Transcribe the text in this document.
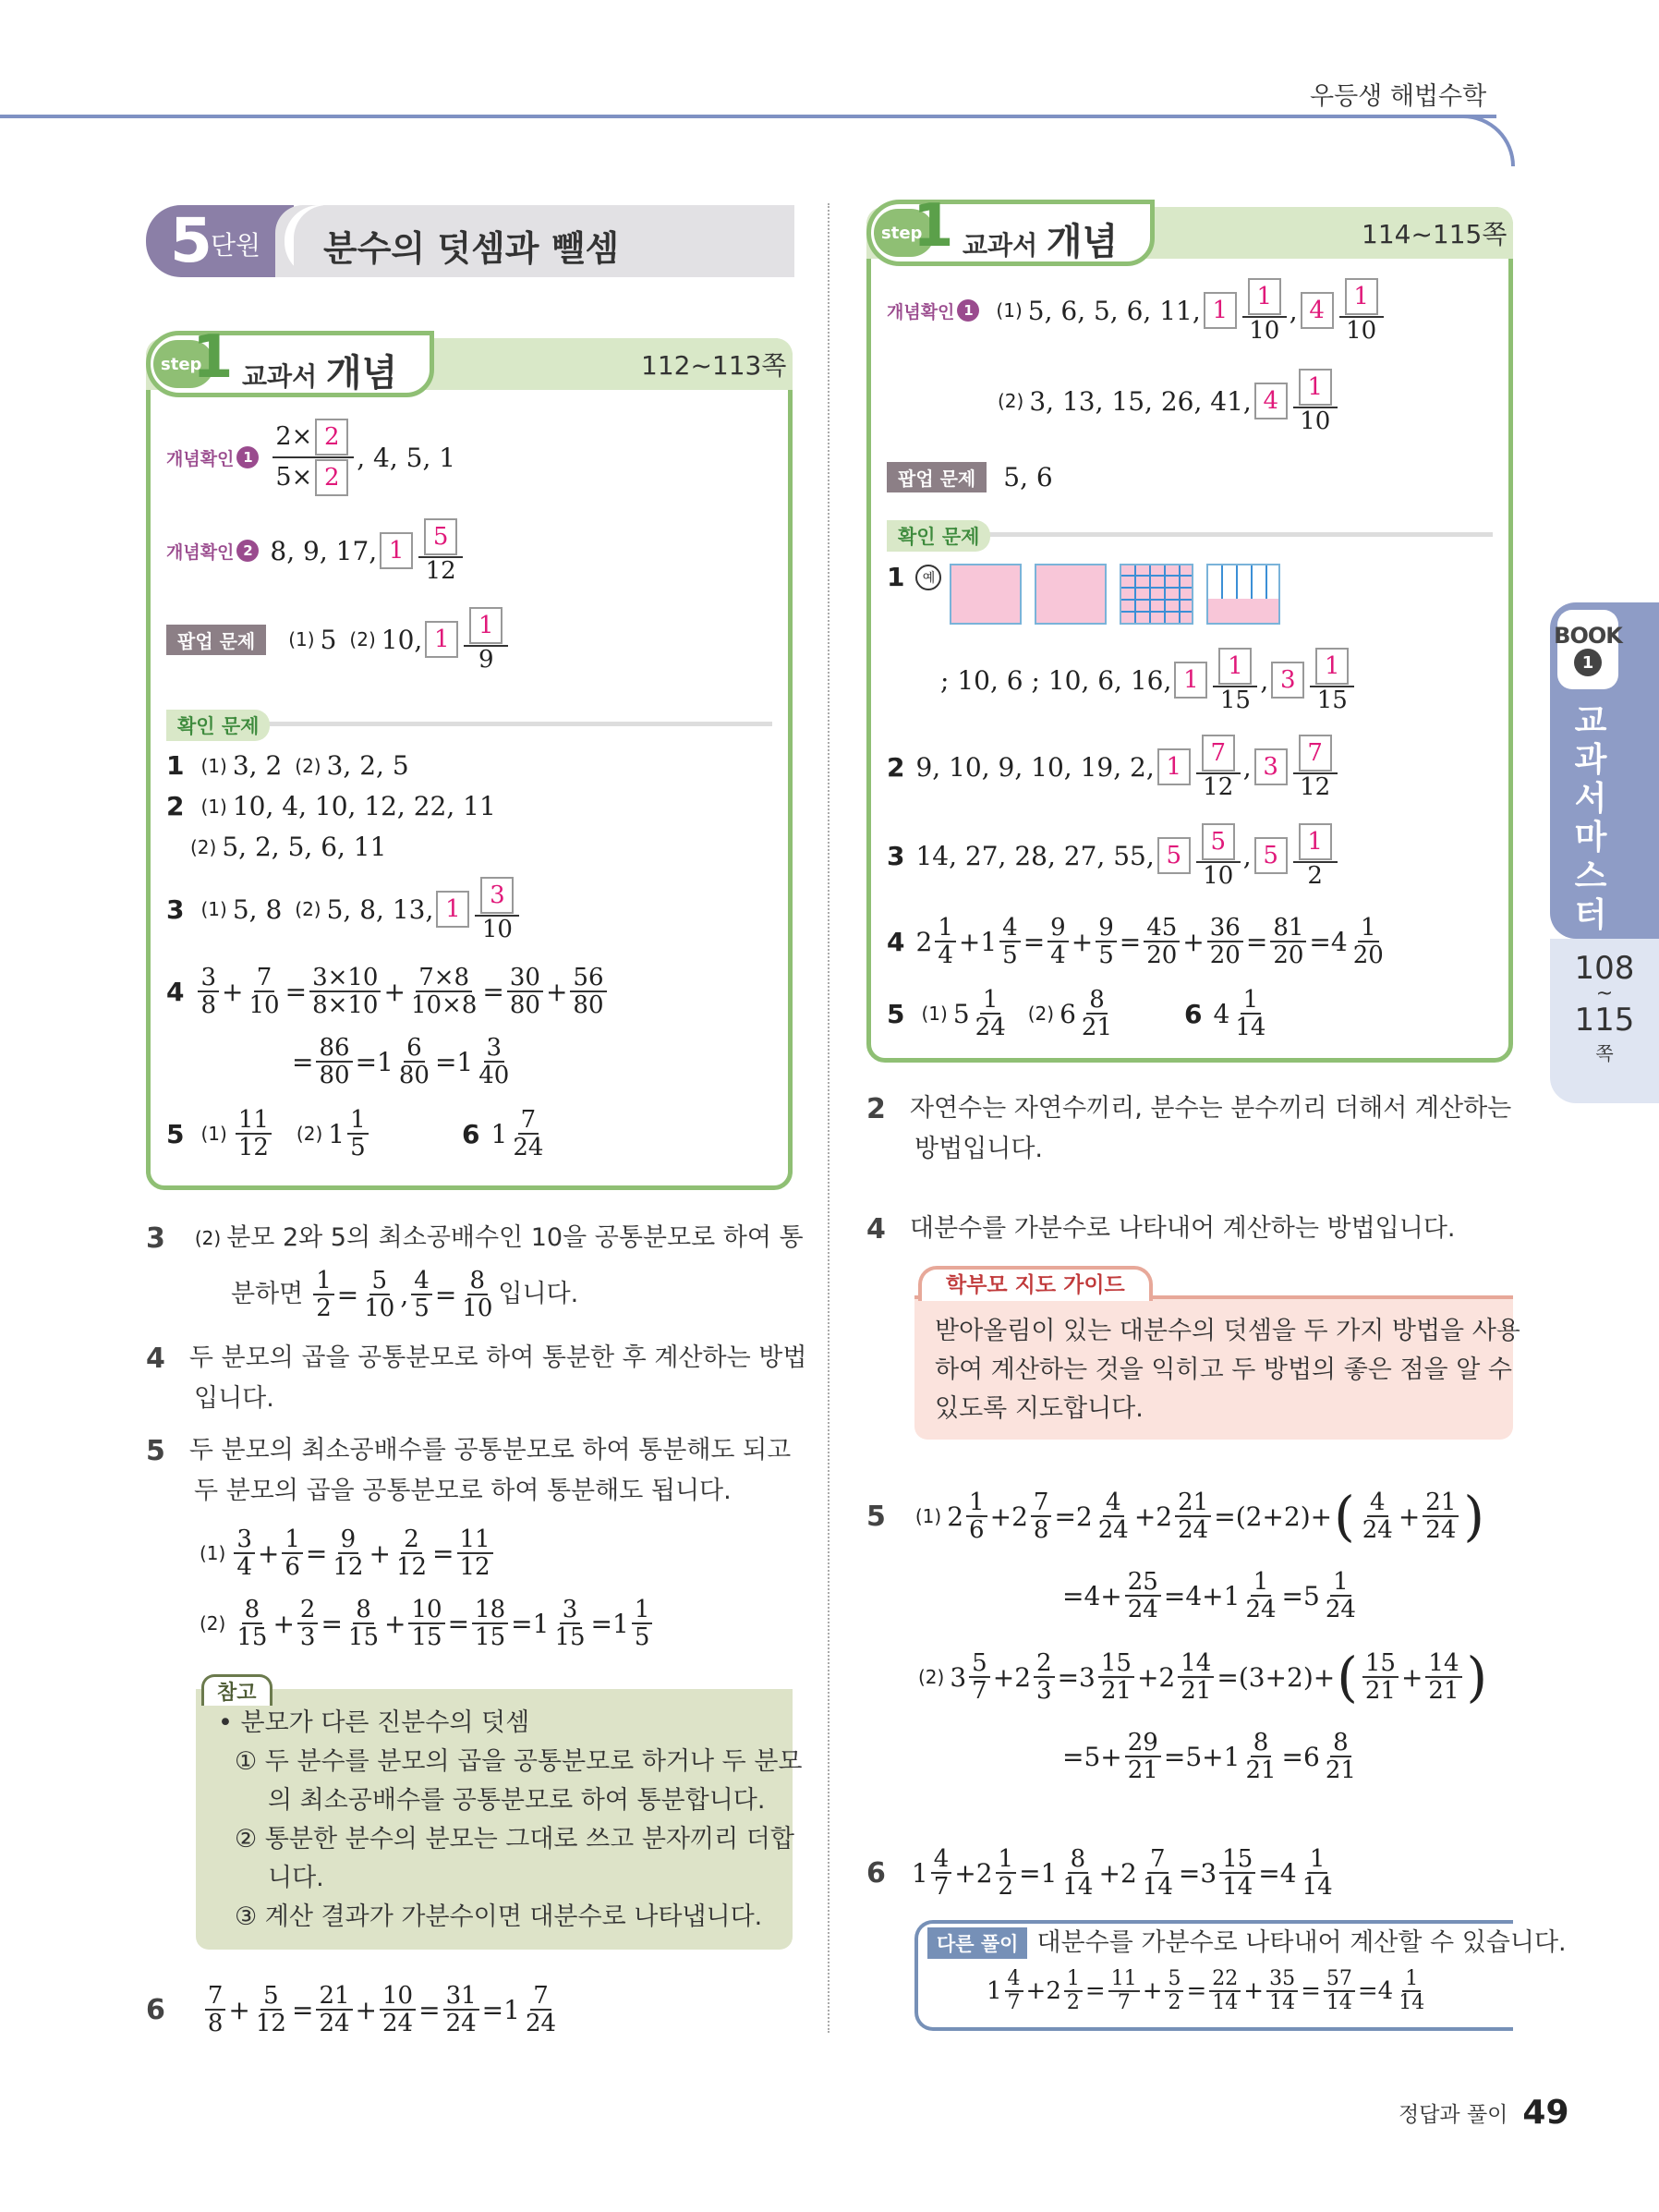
우등생 해법수학
5
단원 분수의 덧셈과 뺄셈
step
1 교과서 개념	112~113쪽
개념확인 $1 \frac{2\times 2}{5\times 2}$ , 4, 5, 1
개념확인 2 8, 9, 17, $1 \frac{5}{12}$
팝업 문제	(1) 5 (2) 10, $1 \frac{1}{9}$
확인 문제
1 (1) 3, 2 (2) 3, 2, 5
2 (1) 10, 4, 10, 12, 22, 11
(2) 5, 2, 5, 6, 11
3 (1) 5, 8 (2) 5, 8, 13, $1 \frac{3}{10}$
$4 \frac{3}{8} + \frac{7}{10} = \frac{3\times 10}{8\times 10} + \frac{7\times 8}{10\times 8} = \frac{30}{80} + \frac{56}{80}$
= $\frac{86}{80} = 1 \frac{6}{80} = 1 \frac{3}{40}$
5 $(1) \frac{11}{12} (2)$ $1 \frac{1}{5}$	6 $1 \frac{7}{24}$
3 (2) 분모 2와 5의 최소공배수인 10을 공통분모로 하여 통
분하면 $\frac{1}{2} = \frac{5}{10}$ , $\frac{4}{5} = \frac{8}{10}$ 입니다.
4 두 분모의 곱을 공통분모로 하여 통분한 후 계산하는 방법
입니다.
5 두 분모의 최소공배수를 공통분모로 하여 통분해도 되고
두 분모의 곱을 공통분모로 하여 통분해도 됩니다.
$(1) \frac{3}{4} + \frac{1}{6} = \frac{9}{12} + \frac{2}{12} = \frac{11}{12}$
$(2) \frac{8}{15} + \frac{2}{3} = \frac{8}{15} + \frac{10}{15} = \frac{18}{15} = 1 \frac{3}{15} = 1 \frac{1}{5}$
참고
• 분모가 다른 진분수의 덧셈
① 두 분수를 분모의 곱을 공통분모로 하거나 두 분모
의 최소공배수를 공통분모로 하여 통분합니다.
② 통분한 분수의 분모는 그대로 쓰고 분자끼리 더합
니다.
③ 계산 결과가 가분수이면 대분수로 나타냅니다.
$6 \frac{7}{8} + \frac{5}{12} = \frac{21}{24} + \frac{10}{24} = \frac{31}{24} = 1 \frac{7}{24}$
step
1 교과서 개념	114~115쪽
개념확인 1	(1) 5, 6, 5, 6, 11, $1 \frac{1}{10}$ , $4 \frac{1}{10}$
(2) 3, 13, 15, 26, 41, $4 \frac{1}{10}$
팝업 문제	5, 6
확인 문제
1	예
; 10, 6 ; 10, 6, 16, $1 \frac{1}{15}$ , $3 \frac{1}{15}$
2 9, 10, 9, 10, 19, 2, $1 \frac{7}{12}$ , $3 \frac{7}{12}$
3 14, 27, 28, 27, 55, $5 \frac{5}{10}$ , $5 \frac{1}{2}$
4 $2 \frac{1}{4} + 1 \frac{4}{5} = \frac{9}{4} + \frac{9}{5} = \frac{45}{20} + \frac{36}{20} = \frac{81}{20} = 4 \frac{1}{20}$
5 (1) $5 \frac{1}{24} (2)$ $6 \frac{8}{21}$	6 $4 \frac{1}{14}$
2 자연수는 자연수끼리, 분수는 분수끼리 더해서 계산하는
방법입니다.
4 대분수를 가분수로 나타내어 계산하는 방법입니다.
학부모 지도 가이드
받아올림이 있는 대분수의 덧셈을 두 가지 방법을 사용
하여 계산하는 것을 익히고 두 방법의 좋은 점을 알 수
있도록 지도합니다.
5 (1) $2 \frac{1}{6} + 2 \frac{7}{8} = 2 \frac{4}{24} + 2 \frac{21}{24} = (2+2)$ + ( $\frac{4}{24} + \frac{21}{24}$ )
= $4 + \frac{25}{24} = 4 + 1 \frac{1}{24} = 5 \frac{1}{24}$
(2) $3 \frac{5}{7} + 2 \frac{2}{3} = 3 \frac{15}{21} + 2 \frac{14}{21} = (3+2)$ + ( $\frac{15}{21} + \frac{14}{21}$ )
= $5 + \frac{29}{21} = 5 + 1 \frac{8}{21} = 6 \frac{8}{21}$
6 $1 \frac{4}{7} + 2 \frac{1}{2} = 1 \frac{8}{14} + 2 \frac{7}{14} = 3 \frac{15}{14} = 4 \frac{1}{14}$
다른 풀이 대분수를 가분수로 나타내어 계산할 수 있습니다.
$1 \frac{4}{7} + 2 \frac{1}{2} = \frac{11}{7} + \frac{5}{2} = \frac{22}{14} + \frac{35}{14} = \frac{57}{14} = 4 \frac{1}{14}$
BOOK
1
교
과
서
마
스
터
108
~
115
쪽
정답과 풀이 49
